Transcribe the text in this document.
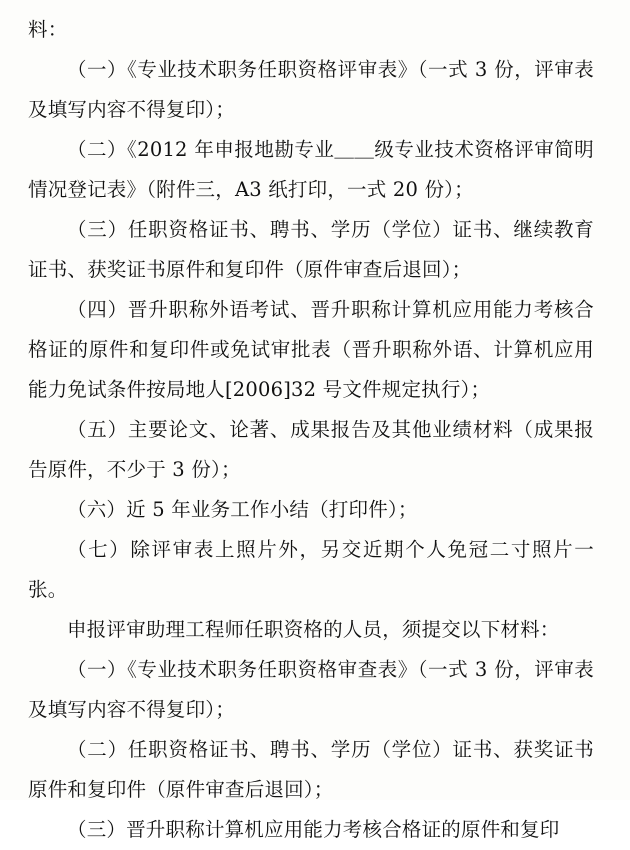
料：

（一）《专业技术职务任职资格评审表》（一式 3 份，评审表及填写内容不得复印）；

（二）《2012 年申报地勘专业＿＿级专业技术资格评审简明情况登记表》（附件三，A3 纸打印，一式 20 份）；

（三）任职资格证书、聘书、学历（学位）证书、继续教育证书、获奖证书原件和复印件（原件审查后退回）；

（四）晋升职称外语考试、晋升职称计算机应用能力考核合格证的原件和复印件或免试审批表（晋升职称外语、计算机应用能力免试条件按局地人[2006]32 号文件规定执行）；

（五）主要论文、论著、成果报告及其他业绩材料（成果报告原件，不少于 3 份）；

（六）近 5 年业务工作小结（打印件）；

（七）除评审表上照片外，另交近期个人免冠二寸照片一张。

申报评审助理工程师任职资格的人员，须提交以下材料：

（一）《专业技术职务任职资格审查表》（一式 3 份，评审表及填写内容不得复印）；

（二）任职资格证书、聘书、学历（学位）证书、获奖证书原件和复印件（原件审查后退回）；

（三）晋升职称计算机应用能力考核合格证的原件和复印
